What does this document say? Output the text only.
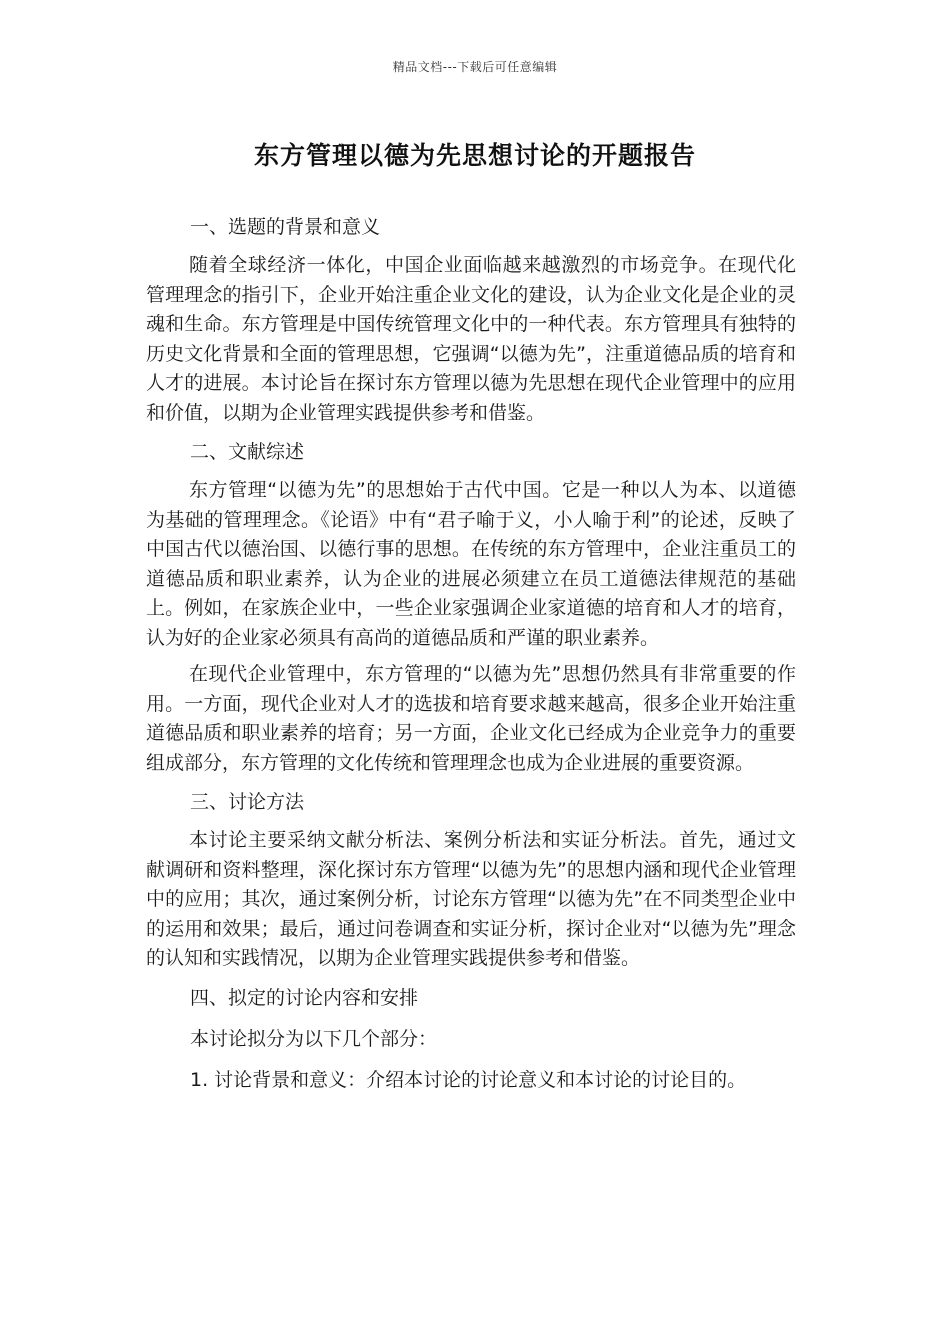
精品文档---下载后可任意编辑
东方管理以德为先思想讨论的开题报告

一、选题的背景和意义

随着全球经济一体化，中国企业面临越来越激烈的市场竞争。在现代化管理理念的指引下，企业开始注重企业文化的建设，认为企业文化是企业的灵魂和生命。东方管理是中国传统管理文化中的一种代表。东方管理具有独特的历史文化背景和全面的管理思想，它强调“以德为先”，注重道德品质的培育和人才的进展。本讨论旨在探讨东方管理以德为先思想在现代企业管理中的应用和价值，以期为企业管理实践提供参考和借鉴。

二、文献综述

东方管理“以德为先”的思想始于古代中国。它是一种以人为本、以道德为基础的管理理念。《论语》中有“君子喻于义，小人喻于利”的论述，反映了中国古代以德治国、以德行事的思想。在传统的东方管理中，企业注重员工的道德品质和职业素养，认为企业的进展必须建立在员工道德法律规范的基础上。例如，在家族企业中，一些企业家强调企业家道德的培育和人才的培育，认为好的企业家必须具有高尚的道德品质和严谨的职业素养。

在现代企业管理中，东方管理的“以德为先”思想仍然具有非常重要的作用。一方面，现代企业对人才的选拔和培育要求越来越高，很多企业开始注重道德品质和职业素养的培育；另一方面，企业文化已经成为企业竞争力的重要组成部分，东方管理的文化传统和管理理念也成为企业进展的重要资源。

三、讨论方法

本讨论主要采纳文献分析法、案例分析法和实证分析法。首先，通过文献调研和资料整理，深化探讨东方管理“以德为先”的思想内涵和现代企业管理中的应用；其次，通过案例分析，讨论东方管理“以德为先”在不同类型企业中的运用和效果；最后，通过问卷调查和实证分析，探讨企业对“以德为先”理念的认知和实践情况，以期为企业管理实践提供参考和借鉴。

四、拟定的讨论内容和安排

本讨论拟分为以下几个部分：

1. 讨论背景和意义：介绍本讨论的讨论意义和本讨论的讨论目的。
